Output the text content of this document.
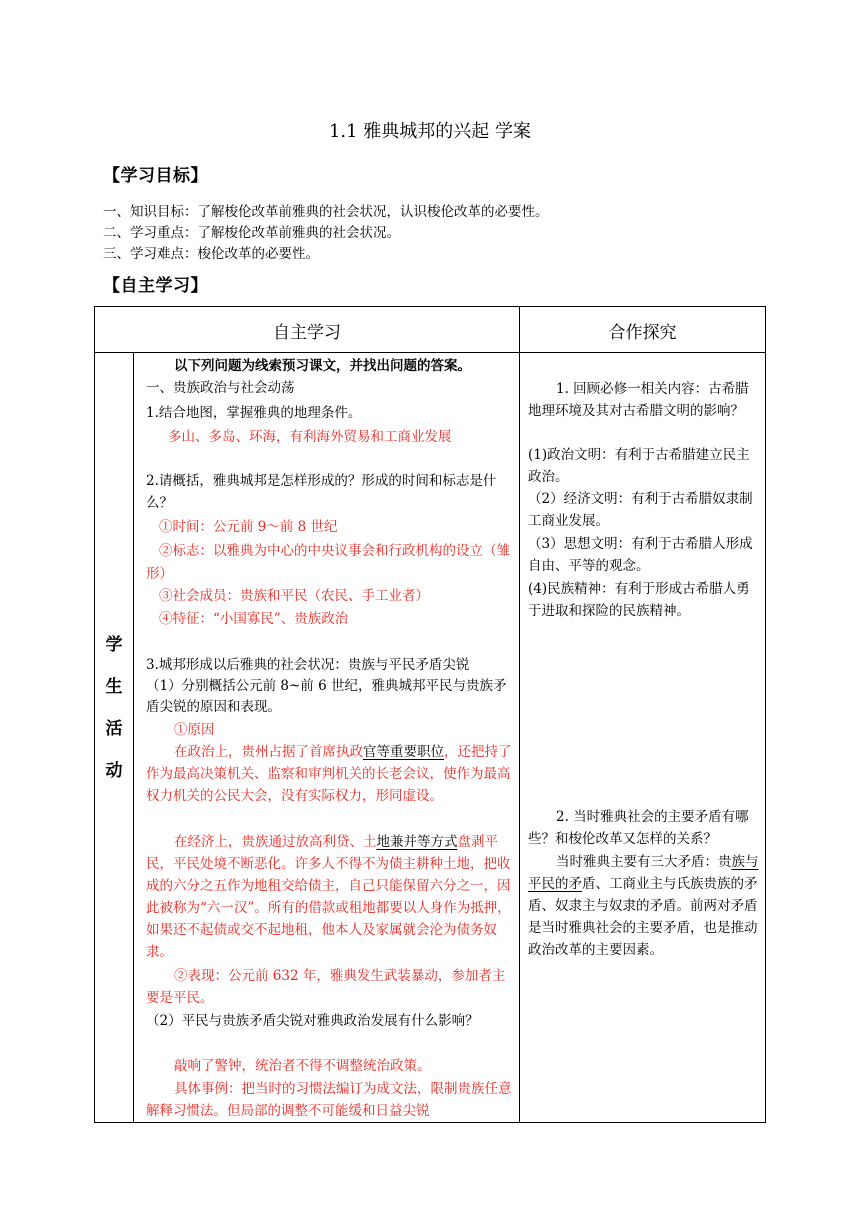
1.1 雅典城邦的兴起 学案
【学习目标】
一、知识目标：了解梭伦改革前雅典的社会状况，认识梭伦改革的必要性。
二、学习重点：了解梭伦改革前雅典的社会状况。
三、学习难点：梭伦改革的必要性。
【自主学习】
自主学习	合作探究
学
生
活
动

以下列问题为线索预习课文，并找出问题的答案。

一、贵族政治与社会动荡

1.结合地图，掌握雅典的地理条件。

多山、多岛、环海，有利海外贸易和工商业发展

2.请概括，雅典城邦是怎样形成的？形成的时间和标志是什么？

①时间：公元前 9～前 8 世纪

②标志：以雅典为中心的中央议事会和行政机构的设立（雏形）

③社会成员：贵族和平民（农民、手工业者）

④特征：“小国寡民”、贵族政治

3.城邦形成以后雅典的社会状况：贵族与平民矛盾尖锐

（1）分别概括公元前 8~前 6 世纪，雅典城邦平民与贵族矛盾尖锐的原因和表现。

①原因

在政治上，贵州占据了首席执政官等重要职位，还把持了作为最高决策机关、监察和审判机关的长老会议，使作为最高权力机关的公民大会，没有实际权力，形同虚设。

在经济上，贵族通过放高利贷、土地兼并等方式盘剥平民，平民处境不断恶化。许多人不得不为债主耕种土地，把收成的六分之五作为地租交给债主，自己只能保留六分之一，因此被称为“六一汉”。所有的借款或租地都要以人身作为抵押，如果还不起债或交不起地租，他本人及家属就会沦为债务奴隶。

②表现：公元前 632 年，雅典发生武装暴动，参加者主要是平民。

（2）平民与贵族矛盾尖锐对雅典政治发展有什么影响？

敲响了警钟，统治者不得不调整统治政策。

具体事例：把当时的习惯法编订为成文法，限制贵族任意解释习惯法。但局部的调整不可能缓和日益尖锐

1. 回顾必修一相关内容：古希腊地理环境及其对古希腊文明的影响？

(1)政治文明：有利于古希腊建立民主政治。

（2）经济文明：有利于古希腊奴隶制工商业发展。

（3）思想文明：有利于古希腊人形成自由、平等的观念。

(4)民族精神：有利于形成古希腊人勇于进取和探险的民族精神。

2. 当时雅典社会的主要矛盾有哪些？和梭伦改革又怎样的关系？

当时雅典主要有三大矛盾：贵族与平民的矛盾、工商业主与氏族贵族的矛盾、奴隶主与奴隶的矛盾。前两对矛盾是当时雅典社会的主要矛盾，也是推动政治改革的主要因素。
